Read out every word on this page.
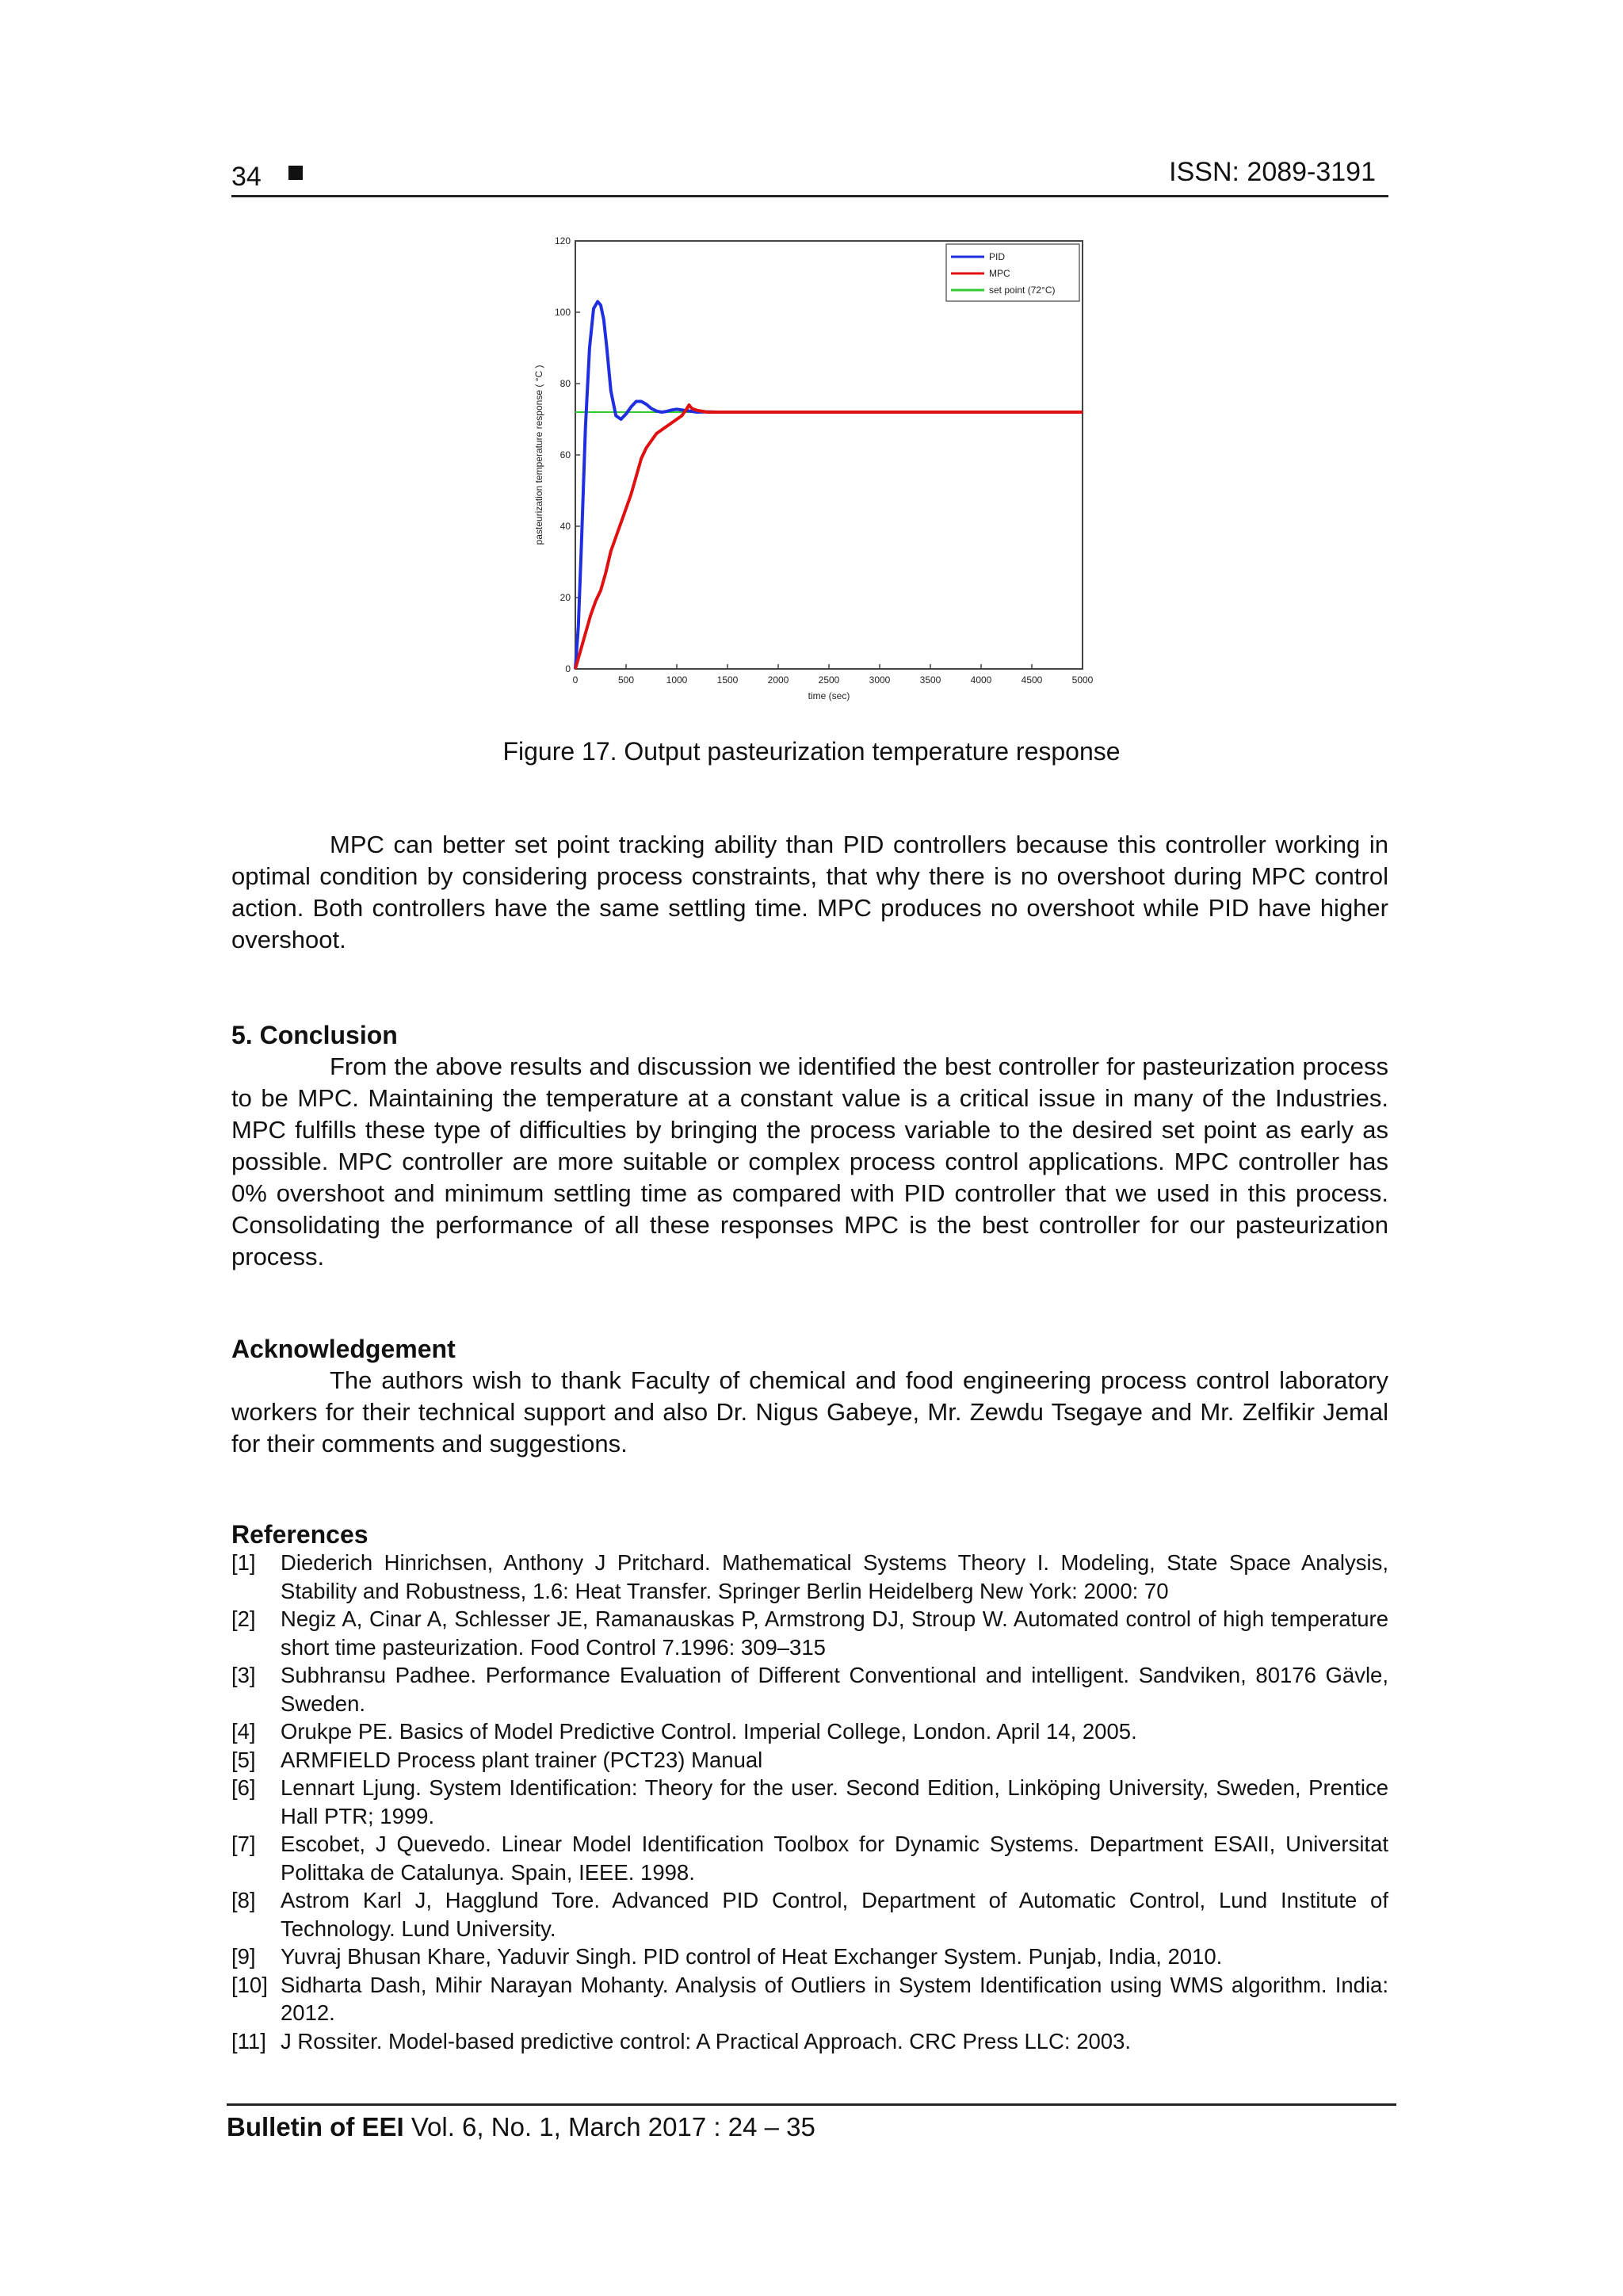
34	ISSN: 2089-3191
0	500	1000	1500	2000	2500	3000	3500	4000	4500	5000
0
20
40
60
80
100
120
time (sec)
pasteurization temperature response ( °C )
PID
MPC
set point (72°C)
Figure 17. Output pasteurization temperature response

MPC can better set point tracking ability than PID controllers because this controller working in optimal condition by considering process constraints, that why there is no overshoot during MPC control action. Both controllers have the same settling time. MPC produces no overshoot while PID have higher overshoot.

5. Conclusion

From the above results and discussion we identified the best controller for pasteurization process to be MPC. Maintaining the temperature at a constant value is a critical issue in many of the Industries. MPC fulfills these type of difficulties by bringing the process variable to the desired set point as early as possible. MPC controller are more suitable or complex process control applications. MPC controller has 0% overshoot and minimum settling time as compared with PID controller that we used in this process. Consolidating the performance of all these responses MPC is the best controller for our pasteurization process.

Acknowledgement

The authors wish to thank Faculty of chemical and food engineering process control laboratory workers for their technical support and also Dr. Nigus Gabeye, Mr. Zewdu Tsegaye and Mr. Zelfikir Jemal for their comments and suggestions.

References
[1] Diederich Hinrichsen, Anthony J Pritchard. Mathematical Systems Theory I. Modeling, State Space Analysis, Stability and Robustness, 1.6: Heat Transfer. Springer Berlin Heidelberg New York: 2000: 70
[2] Negiz A, Cinar A, Schlesser JE, Ramanauskas P, Armstrong DJ, Stroup W. Automated control of high temperature short time pasteurization. Food Control 7.1996: 309–315
[3] Subhransu Padhee. Performance Evaluation of Different Conventional and intelligent. Sandviken, 80176 Gävle, Sweden.
[4] Orukpe PE. Basics of Model Predictive Control. Imperial College, London. April 14, 2005.
[5] ARMFIELD Process plant trainer (PCT23) Manual
[6] Lennart Ljung. System Identification: Theory for the user. Second Edition, Linköping University, Sweden, Prentice Hall PTR; 1999.
[7] Escobet, J Quevedo. Linear Model Identification Toolbox for Dynamic Systems. Department ESAII, Universitat Polittaka de Catalunya. Spain, IEEE. 1998.
[8] Astrom Karl J, Hagglund Tore. Advanced PID Control, Department of Automatic Control, Lund Institute of Technology. Lund University.
[9] Yuvraj Bhusan Khare, Yaduvir Singh. PID control of Heat Exchanger System. Punjab, India, 2010.
[10] Sidharta Dash, Mihir Narayan Mohanty. Analysis of Outliers in System Identification using WMS algorithm. India: 2012.
[11] J Rossiter. Model-based predictive control: A Practical Approach. CRC Press LLC: 2003.
Bulletin of EEI Vol. 6, No. 1, March 2017 : 24 – 35
